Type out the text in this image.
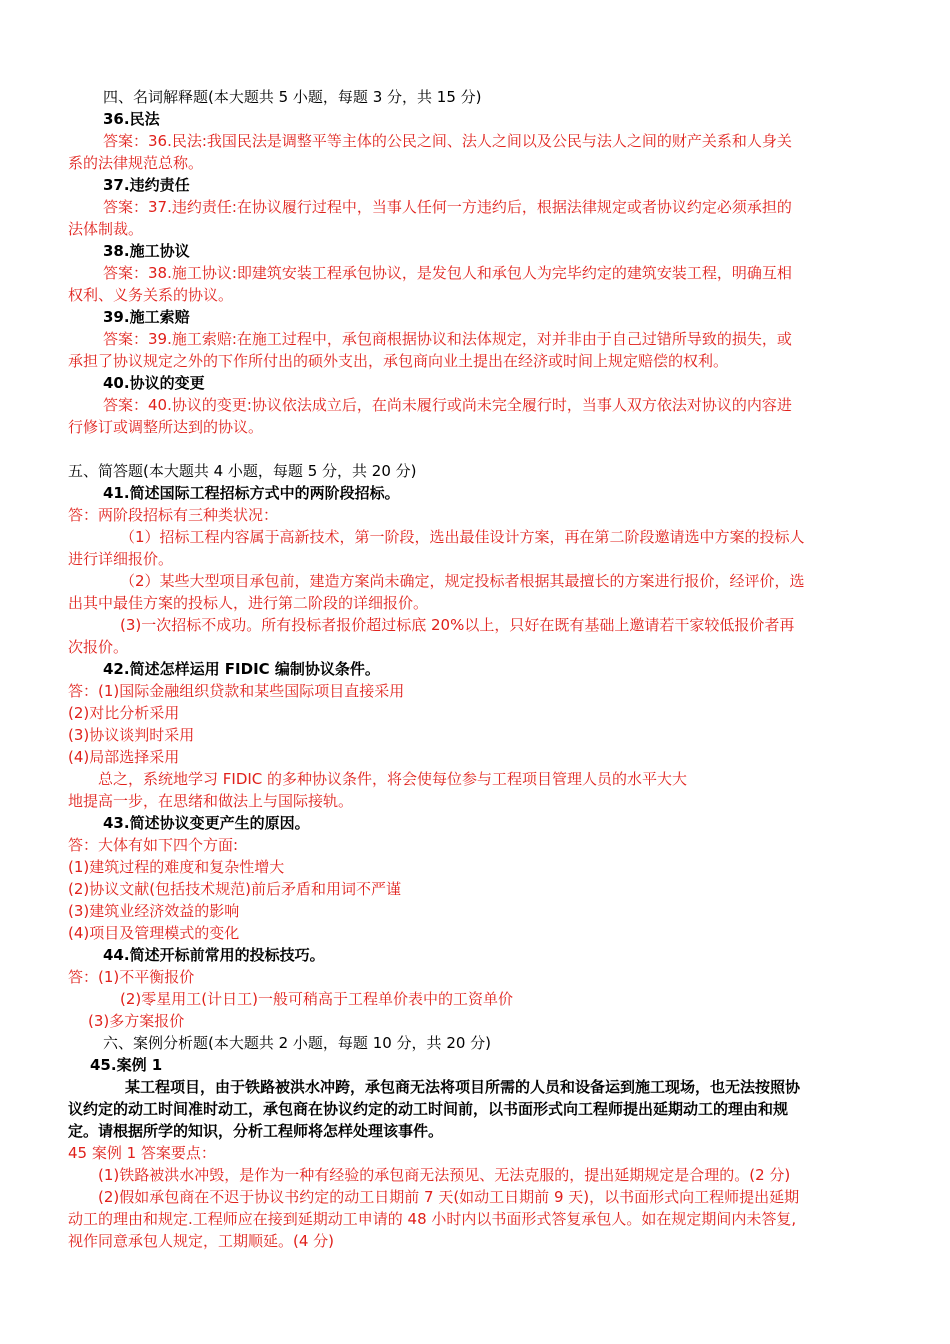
四、名词解释题(本大题共 5 小题，每题 3 分，共 15 分)
36.民法
答案：36.民法:我国民法是调整平等主体的公民之间、法人之间以及公民与法人之间的财产关系和人身关
系的法律规范总称。
37.违约责任
答案：37.违约责任:在协议履行过程中，当事人任何一方违约后，根据法律规定或者协议约定必须承担的
法体制裁。
38.施工协议
答案：38.施工协议:即建筑安装工程承包协议，是发包人和承包人为完毕约定的建筑安装工程，明确互相
权利、义务关系的协议。
39.施工索赔
答案：39.施工索赔:在施工过程中，承包商根据协议和法体规定，对并非由于自己过错所导致的损失，或
承担了协议规定之外的下作所付出的硕外支出，承包商向业土提出在经济或时间上规定赔偿的权利。
40.协议的变更
答案：40.协议的变更:协议依法成立后，在尚未履行或尚未完全履行时，当事人双方依法对协议的内容进
行修订或调整所达到的协议。
五、简答题(本大题共 4 小题，每题 5 分，共 20 分)
41.简述国际工程招标方式中的两阶段招标。
答：两阶段招标有三种类状况：
（1）招标工程内容属于高新技术，第一阶段，选出最佳设计方案，再在第二阶段邀请选中方案的投标人
进行详细报价。
（2）某些大型项目承包前，建造方案尚未确定，规定投标者根据其最擅长的方案进行报价，经评价，选
出其中最佳方案的投标人，进行第二阶段的详细报价。
(3)一次招标不成功。所有投标者报价超过标底 20%以上，只好在既有基础上邀请若干家较低报价者再
次报价。
42.简述怎样运用 FIDIC 编制协议条件。
答：(1)国际金融组织贷款和某些国际项目直接采用
(2)对比分析采用
(3)协议谈判时采用
(4)局部选择采用
总之，系统地学习 FIDIC 的多种协议条件，将会使每位参与工程项目管理人员的水平大大
地提高一步，在思绪和做法上与国际接轨。
43.简述协议变更产生的原因。
答：大体有如下四个方面:
(1)建筑过程的难度和复杂性增大
(2)协议文献(包括技术规范)前后矛盾和用词不严谨
(3)建筑业经济效益的影响
(4)项目及管理模式的变化
44.简述开标前常用的投标技巧。
答：(1)不平衡报价
(2)零星用工(计日工)一般可稍高于工程单价表中的工资单价
(3)多方案报价
六、案例分析题(本大题共 2 小题，每题 10 分，共 20 分)
45.案例 1
某工程项目，由于铁路被洪水冲跨，承包商无法将项目所需的人员和设备运到施工现场，也无法按照协
议约定的动工时间准时动工，承包商在协议约定的动工时间前，以书面形式向工程师提出延期动工的理由和规
定。请根据所学的知识，分析工程师将怎样处理该事件。
45 案例 1 答案要点：
(1)铁路被洪水冲毁，是作为一种有经验的承包商无法预见、无法克服的，提出延期规定是合理的。(2 分)
(2)假如承包商在不迟于协议书约定的动工日期前 7 天(如动工日期前 9 天)，以书面形式向工程师提出延期
动工的理由和规定.工程师应在接到延期动工申请的 48 小时内以书面形式答复承包人。如在规定期间内未答复,
视作同意承包人规定，工期顺延。(4 分)
